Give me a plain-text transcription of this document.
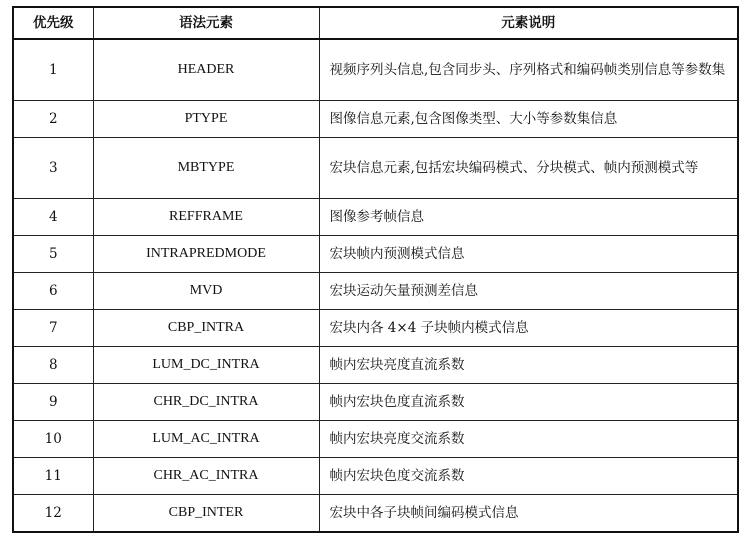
优先级	语法元素	元素说明
1	HEADER	视频序列头信息,包含同步头、序列格式和编码帧类别信息等参数集
2	PTYPE	图像信息元素,包含图像类型、大小等参数集信息
3	MBTYPE	宏块信息元素,包括宏块编码模式、分块模式、帧内预测模式等
4	REFFRAME	图像参考帧信息
5	INTRAPREDMODE	宏块帧内预测模式信息
6	MVD	宏块运动矢量预测差信息
7	CBP_INTRA	宏块内各 4×4 子块帧内模式信息
8	LUM_DC_INTRA	帧内宏块亮度直流系数
9	CHR_DC_INTRA	帧内宏块色度直流系数
10	LUM_AC_INTRA	帧内宏块亮度交流系数
11	CHR_AC_INTRA	帧内宏块色度交流系数
12	CBP_INTER	宏块中各子块帧间编码模式信息
